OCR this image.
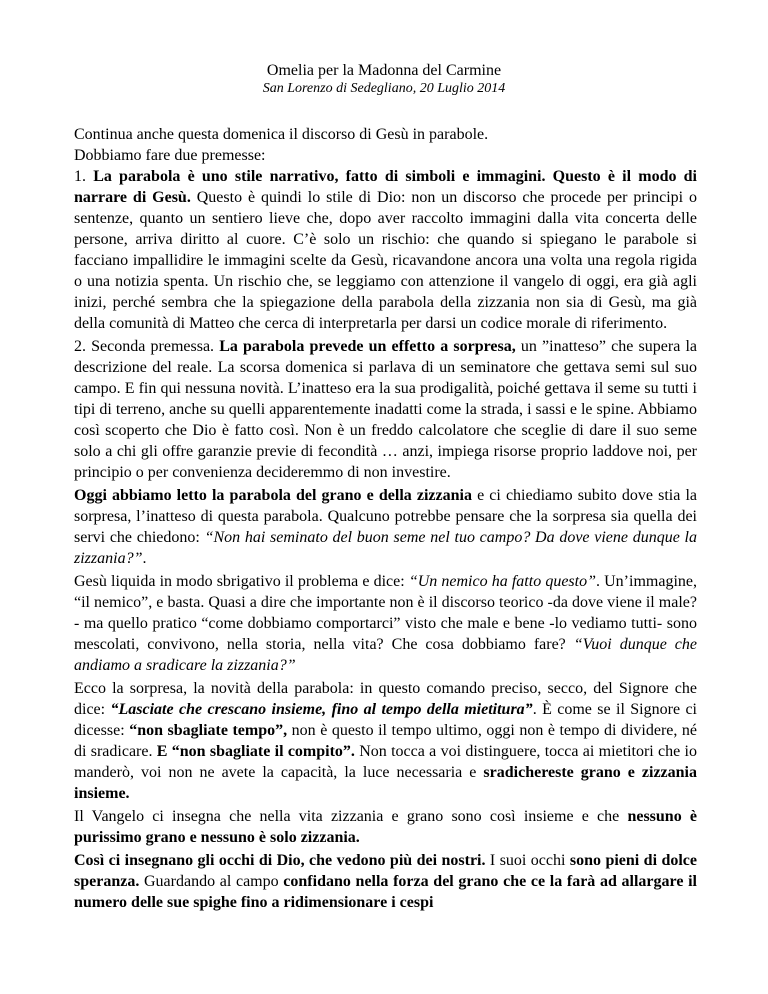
Omelia per la Madonna del Carmine
San Lorenzo di Sedegliano, 20 Luglio 2014

Continua anche questa domenica il discorso di Gesù in parabole.

Dobbiamo fare due premesse:

1. La parabola è uno stile narrativo, fatto di simboli e immagini. Questo è il modo di narrare di Gesù. Questo è quindi lo stile di Dio: non un discorso che procede per principi o sentenze, quanto un sentiero lieve che, dopo aver raccolto immagini dalla vita concerta delle persone, arriva diritto al cuore. C’è solo un rischio: che quando si spiegano le parabole si facciano impallidire le immagini scelte da Gesù, ricavandone ancora una volta una regola rigida o una notizia spenta. Un rischio che, se leggiamo con attenzione il vangelo di oggi, era già agli inizi, perché sembra che la spiegazione della parabola della zizzania non sia di Gesù, ma già della comunità di Matteo che cerca di interpretarla per darsi un codice morale di riferimento.

2. Seconda premessa. La parabola prevede un effetto a sorpresa, un ”inatteso” che supera la descrizione del reale. La scorsa domenica si parlava di un seminatore che gettava semi sul suo campo. E fin qui nessuna novità. L’inatteso era la sua prodigalità, poiché gettava il seme su tutti i tipi di terreno, anche su quelli apparentemente inadatti come la strada, i sassi e le spine. Abbiamo così scoperto che Dio è fatto così. Non è un freddo calcolatore che sceglie di dare il suo seme solo a chi gli offre garanzie previe di fecondità … anzi, impiega risorse proprio laddove noi, per principio o per convenienza decideremmo di non investire.

Oggi abbiamo letto la parabola del grano e della zizzania e ci chiediamo subito dove stia la sorpresa, l’inatteso di questa parabola. Qualcuno potrebbe pensare che la sorpresa sia quella dei servi che chiedono: “Non hai seminato del buon seme nel tuo campo? Da dove viene dunque la zizzania?”.

Gesù liquida in modo sbrigativo il problema e dice: “Un nemico ha fatto questo”. Un’immagine, “il nemico”, e basta. Quasi a dire che importante non è il discorso teorico -da dove viene il male?- ma quello pratico “come dobbiamo comportarci” visto che male e bene -lo vediamo tutti- sono mescolati, convivono, nella storia, nella vita? Che cosa dobbiamo fare? “Vuoi dunque che andiamo a sradicare la zizzania?”

Ecco la sorpresa, la novità della parabola: in questo comando preciso, secco, del Signore che dice: “Lasciate che crescano insieme, fino al tempo della mietitura”. È come se il Signore ci dicesse: “non sbagliate tempo”, non è questo il tempo ultimo, oggi non è tempo di dividere, né di sradicare. E “non sbagliate il compito”. Non tocca a voi distinguere, tocca ai mietitori che io manderò, voi non ne avete la capacità, la luce necessaria e sradichereste grano e zizzania insieme.

Il Vangelo ci insegna che nella vita zizzania e grano sono così insieme e che nessuno è purissimo grano e nessuno è solo zizzania.

Così ci insegnano gli occhi di Dio, che vedono più dei nostri. I suoi occhi sono pieni di dolce speranza. Guardando al campo confidano nella forza del grano che ce la farà ad allargare il numero delle sue spighe fino a ridimensionare i cespi
